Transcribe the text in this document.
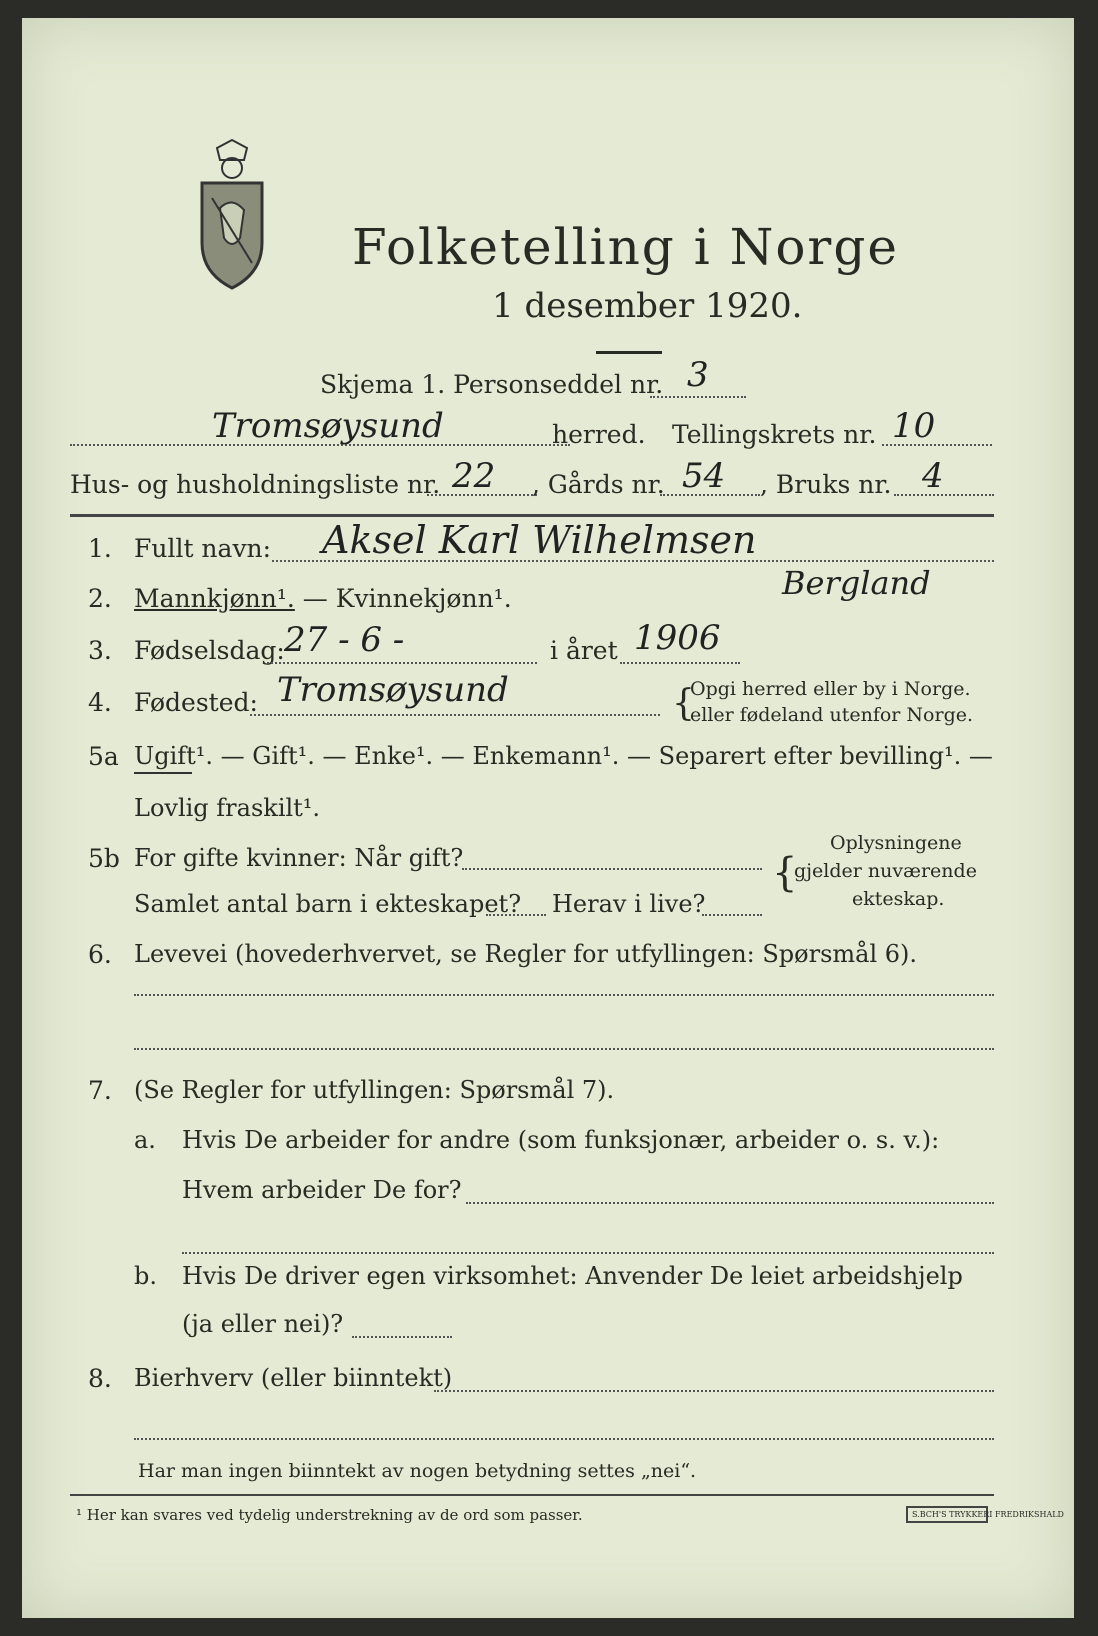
Folketelling i Norge
1 desember 1920.
Skjema 1. Personseddel nr. 3
Tromsøysund	herred. Tellingskrets nr. 10
Hus- og husholdningsliste nr. 22 , Gårds nr. 54 , Bruks nr. 4
1. Fullt navn: Aksel Karl Wilhelmsen
Bergland
2. Mannkjønn¹. — Kvinnekjønn¹.
3. Fødselsdag: 27 - 6 -	i året 1906
4. Fødested: Tromsøysund	{
Opgi herred eller by i Norge.
eller fødeland utenfor Norge.
5a Ugift¹. — Gift¹. — Enke¹. — Enkemann¹. — Separert efter bevilling¹. —
Lovlig fraskilt¹.
5b For gifte kvinner: Når gift?
Samlet antal barn i ekteskapet? Herav i live?
{
Oplysningene
gjelder nuværende
ekteskap.
6. Levevei (hovederhvervet, se Regler for utfyllingen: Spørsmål 6).
7. (Se Regler for utfyllingen: Spørsmål 7).
a. Hvis De arbeider for andre (som funksjonær, arbeider o. s. v.):
Hvem arbeider De for?
b. Hvis De driver egen virksomhet: Anvender De leiet arbeidshjelp
(ja eller nei)?
8. Bierhverv (eller biinntekt)
Har man ingen biinntekt av nogen betydning settes „nei“.
¹ Her kan svares ved tydelig understrekning av de ord som passer.	S.BCH'S TRYKKERI FREDRIKSHALD
